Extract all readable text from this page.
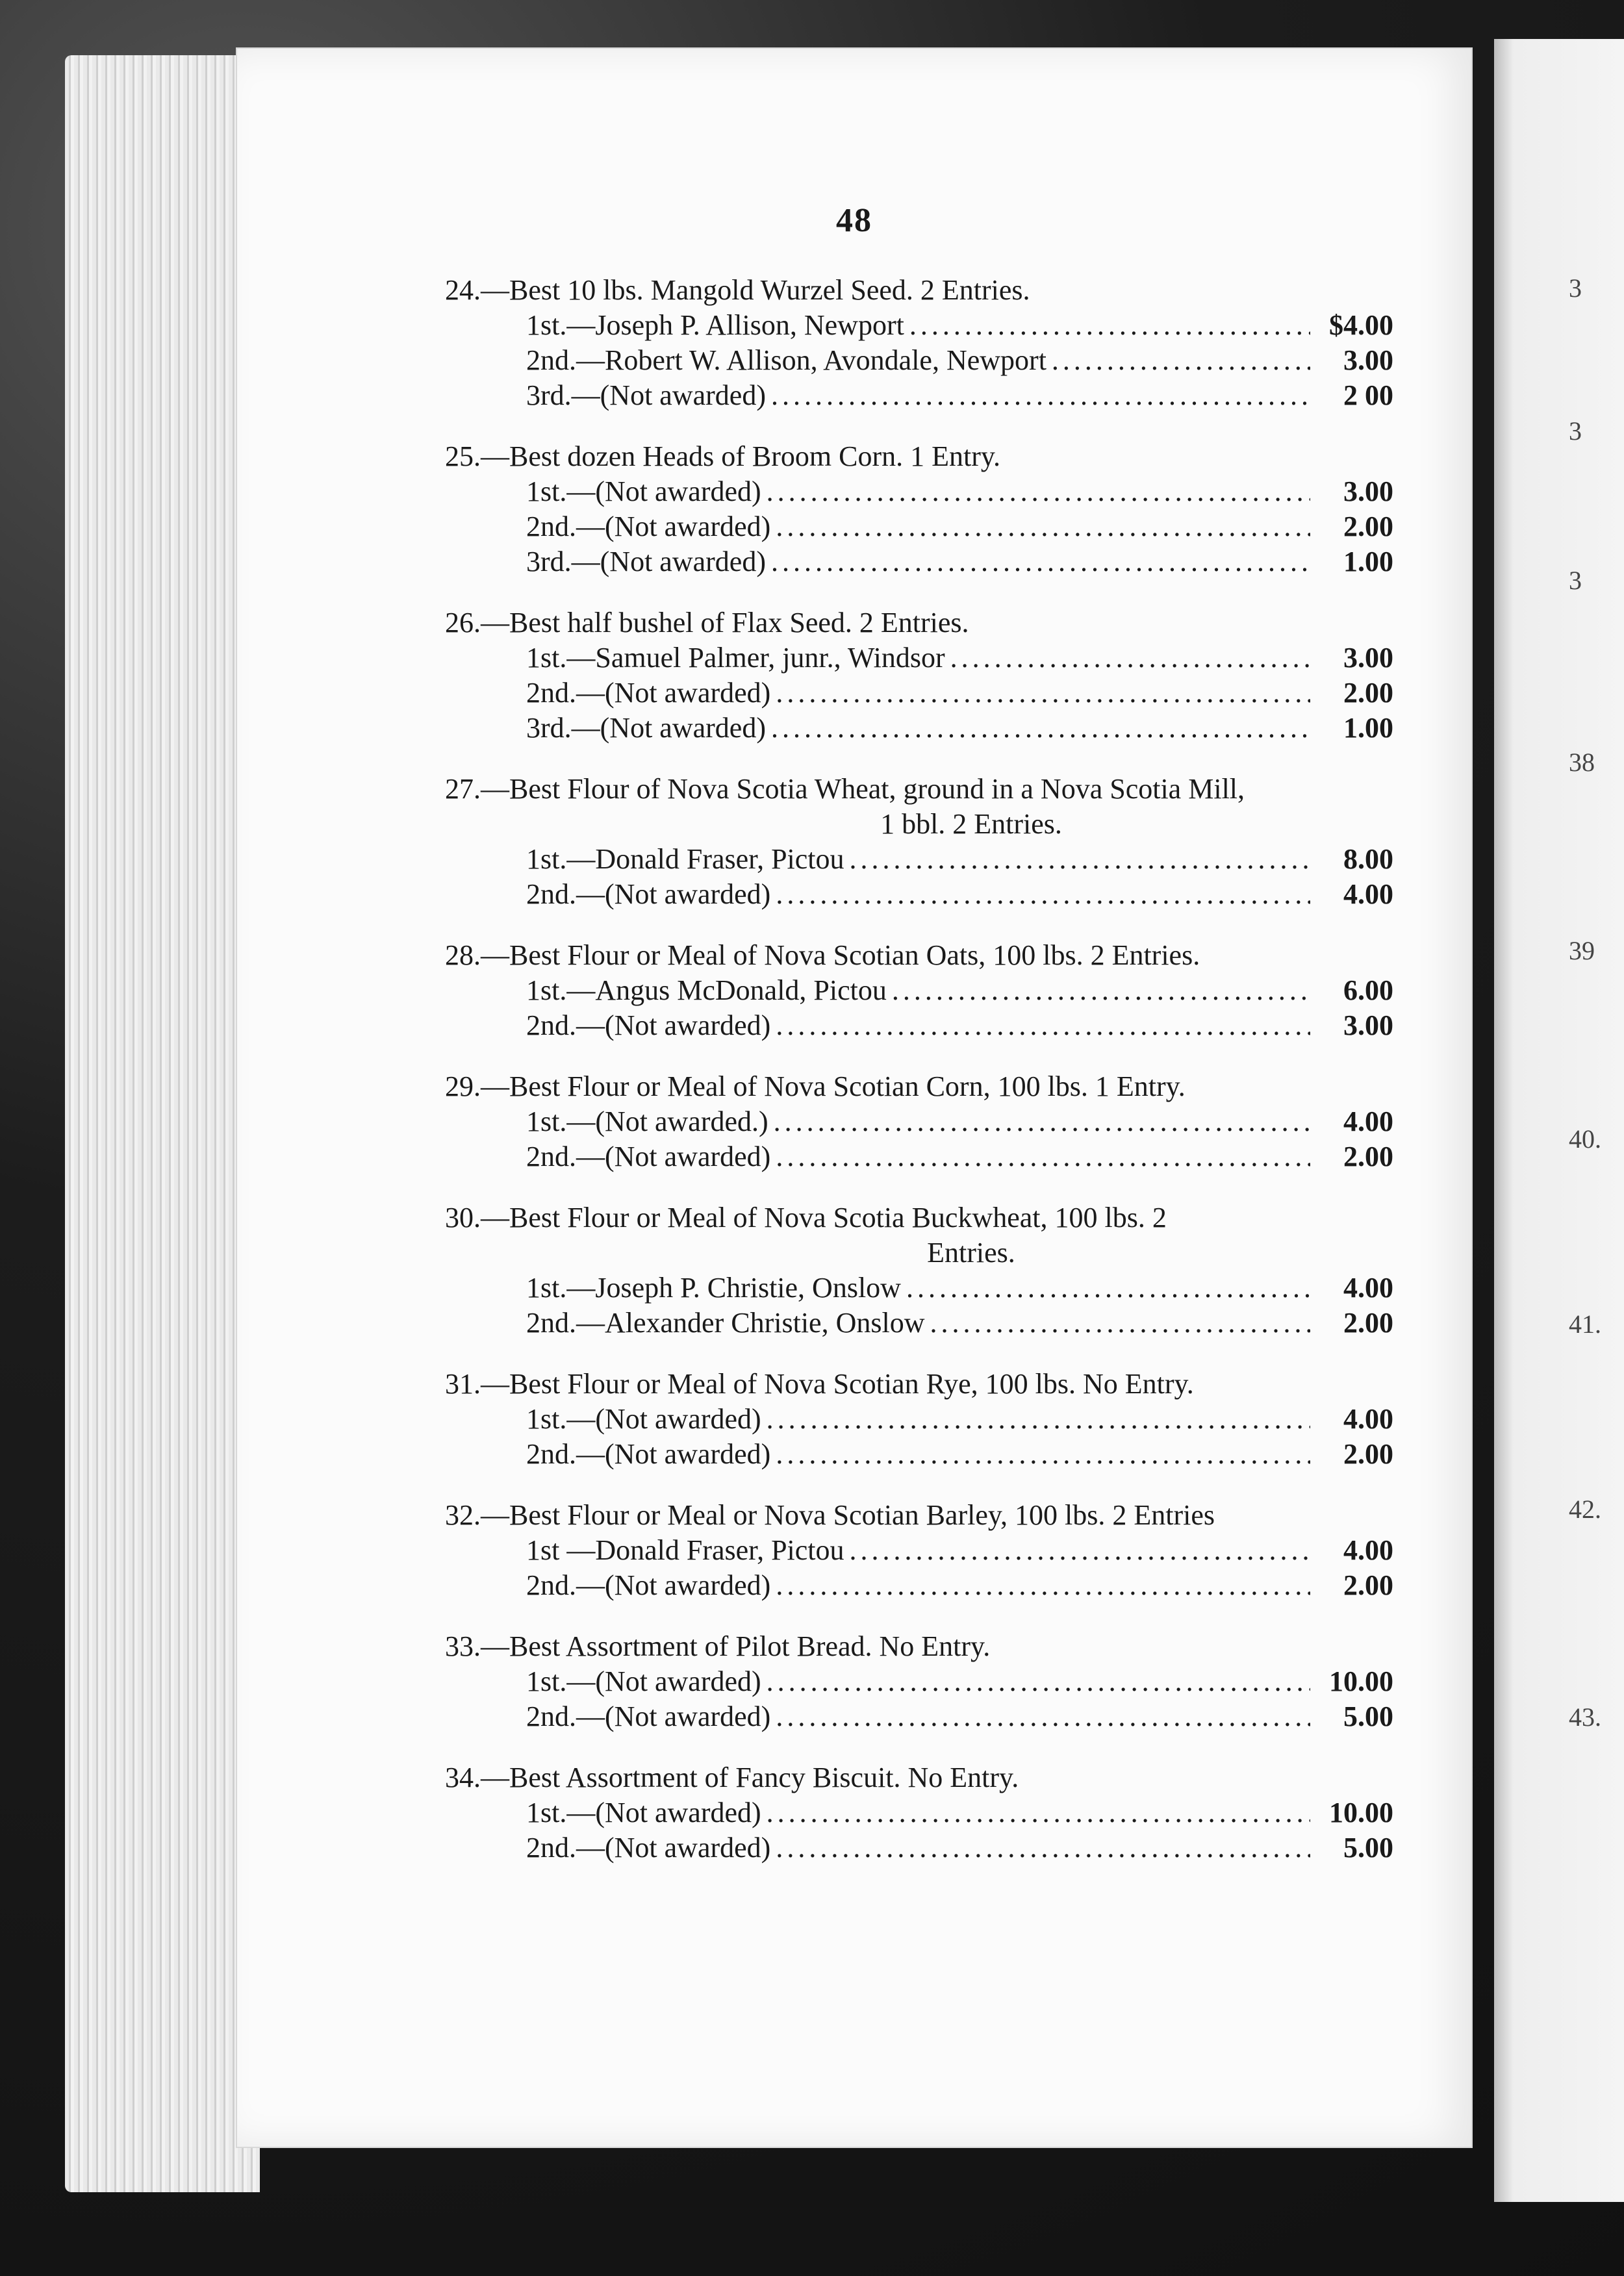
3
3
3
38
39
40.
41.
42.
43.
48
24.—Best 10 lbs. Mangold Wurzel Seed. 2 Entries.
1st.—Joseph P. Allison, Newport .....	$4.00
2nd.—Robert W. Allison, Avondale, Newport .....	3.00
3rd.—(Not awarded) .....	2 00
25.—Best dozen Heads of Broom Corn. 1 Entry.
1st.—(Not awarded) .....	3.00
2nd.—(Not awarded) .....	2.00
3rd.—(Not awarded) .....	1.00
26.—Best half bushel of Flax Seed. 2 Entries.
1st.—Samuel Palmer, junr., Windsor .....	3.00
2nd.—(Not awarded) .....	2.00
3rd.—(Not awarded) .....	1.00
27.—Best Flour of Nova Scotia Wheat, ground in a Nova Scotia Mill,
1 bbl. 2 Entries.
1st.—Donald Fraser, Pictou .....	8.00
2nd.—(Not awarded) .....	4.00
28.—Best Flour or Meal of Nova Scotian Oats, 100 lbs. 2 Entries.
1st.—Angus McDonald, Pictou .....	6.00
2nd.—(Not awarded) .....	3.00
29.—Best Flour or Meal of Nova Scotian Corn, 100 lbs. 1 Entry.
1st.—(Not awarded.) .....	4.00
2nd.—(Not awarded) .....	2.00
30.—Best Flour or Meal of Nova Scotia Buckwheat, 100 lbs. 2
Entries.
1st.—Joseph P. Christie, Onslow .....	4.00
2nd.—Alexander Christie, Onslow .....	2.00
31.—Best Flour or Meal of Nova Scotian Rye, 100 lbs. No Entry.
1st.—(Not awarded) .....	4.00
2nd.—(Not awarded) .....	2.00
32.—Best Flour or Meal or Nova Scotian Barley, 100 lbs. 2 Entries
1st —Donald Fraser, Pictou .....	4.00
2nd.—(Not awarded) .....	2.00
33.—Best Assortment of Pilot Bread. No Entry.
1st.—(Not awarded) .....	10.00
2nd.—(Not awarded) .....	5.00
34.—Best Assortment of Fancy Biscuit. No Entry.
1st.—(Not awarded) .....	10.00
2nd.—(Not awarded) .....	5.00
